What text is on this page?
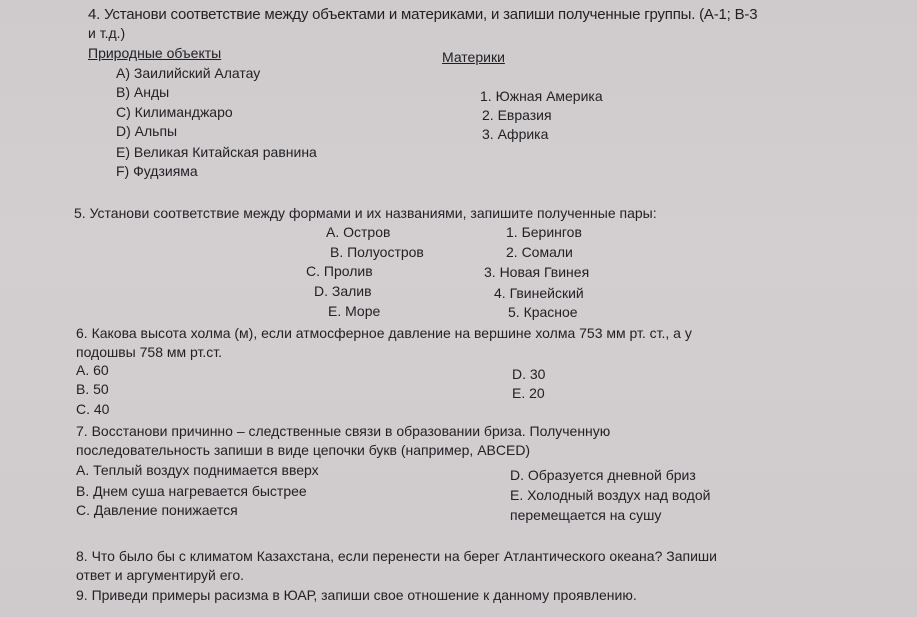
4. Установи соответствие между объектами и материками, и запиши полученные группы. (А-1; В-3
и т.д.)
Природные объекты	Материки
А) Заилийский Алатау
В) Анды
С) Килиманджаро
D) Альпы
Е) Великая Китайская равнина
F) Фудзияма
1. Южная Америка
2. Евразия
3. Африка
5. Установи соответствие между формами и их названиями, запишите полученные пары:
А. Остров
В. Полуостров
С. Пролив
D. Залив
Е. Море
1. Берингов
2. Сомали
3. Новая Гвинея
4. Гвинейский
5. Красное
6. Какова высота холма (м), если атмосферное давление на вершине холма 753 мм рт. ст., а у
подошвы 758 мм рт.ст.
А. 60
В. 50
С. 40
D. 30
Е. 20
7. Восстанови причинно – следственные связи в образовании бриза. Полученную
последовательность запиши в виде цепочки букв (например, ABCED)
А. Теплый воздух поднимается вверх
В. Днем суша нагревается быстрее
С. Давление понижается
D. Образуется дневной бриз
Е. Холодный воздух над водой
перемещается на сушу
8. Что было бы с климатом Казахстана, если перенести на берег Атлантического океана? Запиши
ответ и аргументируй его.
9. Приведи примеры расизма в ЮАР, запиши свое отношение к данному проявлению.
